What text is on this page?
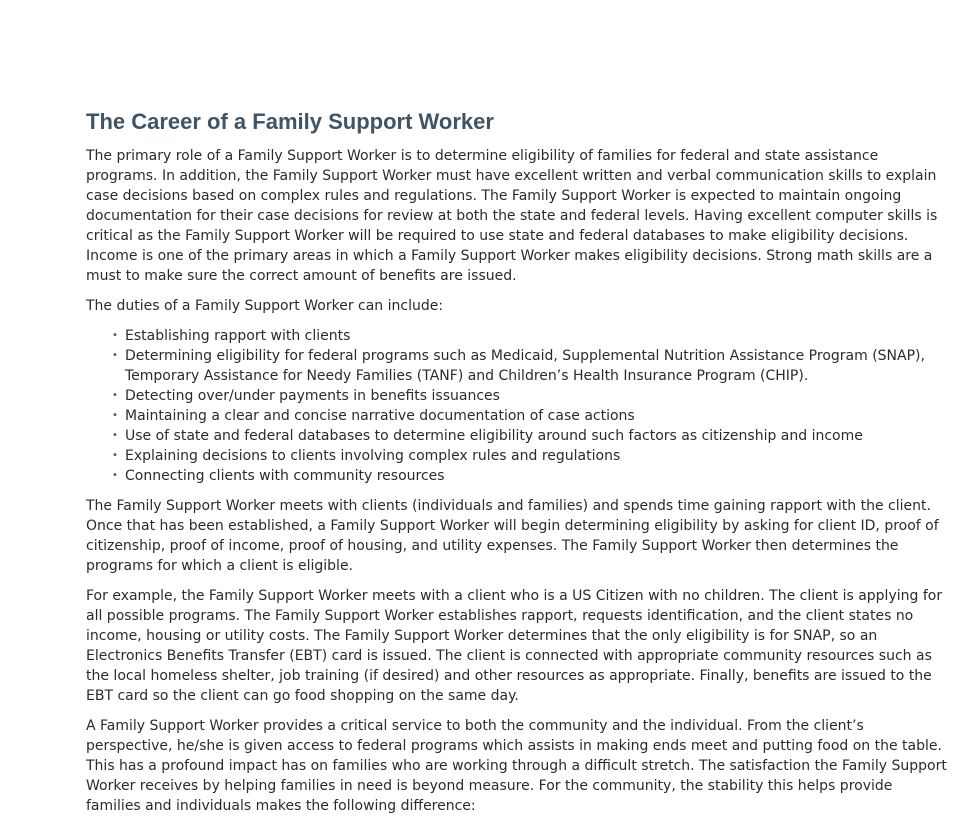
The Career of a Family Support Worker

The primary role of a Family Support Worker is to determine eligibility of families for federal and state assistance programs. In addition, the Family Support Worker must have excellent written and verbal communication skills to explain case decisions based on complex rules and regulations. The Family Support Worker is expected to maintain ongoing documentation for their case decisions for review at both the state and federal levels. Having excellent computer skills is critical as the Family Support Worker will be required to use state and federal databases to make eligibility decisions. Income is one of the primary areas in which a Family Support Worker makes eligibility decisions. Strong math skills are a must to make sure the correct amount of benefits are issued.

The duties of a Family Support Worker can include:

• Establishing rapport with clients
• Determining eligibility for federal programs such as Medicaid, Supplemental Nutrition Assistance Program (SNAP), Temporary Assistance for Needy Families (TANF) and Children’s Health Insurance Program (CHIP).
• Detecting over/under payments in benefits issuances
• Maintaining a clear and concise narrative documentation of case actions
• Use of state and federal databases to determine eligibility around such factors as citizenship and income
• Explaining decisions to clients involving complex rules and regulations
• Connecting clients with community resources

The Family Support Worker meets with clients (individuals and families) and spends time gaining rapport with the client. Once that has been established, a Family Support Worker will begin determining eligibility by asking for client ID, proof of citizenship, proof of income, proof of housing, and utility expenses. The Family Support Worker then determines the programs for which a client is eligible.

For example, the Family Support Worker meets with a client who is a US Citizen with no children. The client is applying for all possible programs. The Family Support Worker establishes rapport, requests identification, and the client states no income, housing or utility costs. The Family Support Worker determines that the only eligibility is for SNAP, so an Electronics Benefits Transfer (EBT) card is issued. The client is connected with appropriate community resources such as the local homeless shelter, job training (if desired) and other resources as appropriate. Finally, benefits are issued to the EBT card so the client can go food shopping on the same day.

A Family Support Worker provides a critical service to both the community and the individual. From the client’s perspective, he/she is given access to federal programs which assists in making ends meet and putting food on the table. This has a profound impact has on families who are working through a difficult stretch. The satisfaction the Family Support Worker receives by helping families in need is beyond measure. For the community, the stability this helps provide families and individuals makes the following difference:
